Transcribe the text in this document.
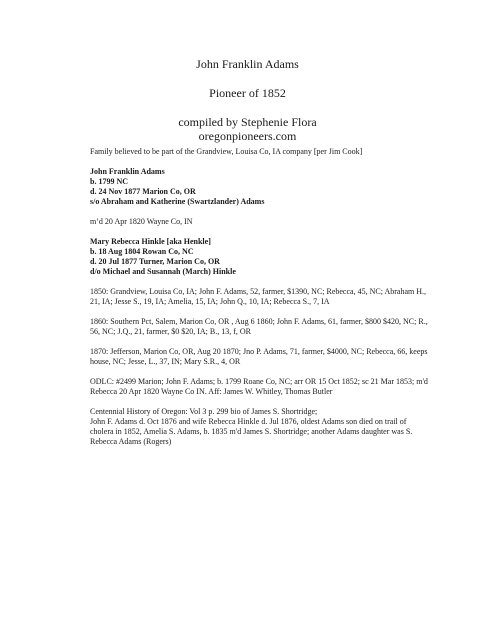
John Franklin Adams
Pioneer of 1852
compiled by Stephenie Flora
oregonpioneers.com

Family believed to be part of the Grandview, Louisa Co, IA company [per Jim Cook]

John Franklin Adams
b. 1799 NC
d. 24 Nov 1877 Marion Co, OR
s/o Abraham and Katherine (Swartzlander) Adams

m’d 20 Apr 1820 Wayne Co, IN

Mary Rebecca Hinkle [aka Henkle]
b. 18 Aug 1804 Rowan Co, NC
d. 20 Jul 1877 Turner, Marion Co, OR
d/o Michael and Susannah (March) Hinkle

1850: Grandview, Louisa Co, IA; John F. Adams, 52, farmer, $1390, NC; Rebecca, 45, NC; Abraham H.,
21, IA; Jesse S., 19, IA; Amelia, 15, IA; John Q., 10, IA; Rebecca S., 7, IA

1860: Southern Pct, Salem, Marion Co, OR , Aug 6 1860; John F. Adams, 61, farmer, $800 $420, NC; R.,
56, NC; J.Q., 21, farmer, $0 $20, IA; B., 13, f, OR

1870: Jefferson, Marion Co, OR, Aug 20 1870; Jno P. Adams, 71, farmer, $4000, NC; Rebecca, 66, keeps
house, NC; Jesse, L., 37, IN; Mary S.R., 4, OR

ODLC: #2499 Marion; John F. Adams; b. 1799 Roane Co, NC; arr OR 15 Oct 1852; sc 21 Mar 1853; m'd
Rebecca 20 Apr 1820 Wayne Co IN. Aff: James W. Whitley, Thomas Butler

Centennial History of Oregon: Vol 3 p. 299 bio of James S. Shortridge;
John F. Adams d. Oct 1876 and wife Rebecca Hinkle d. Jul 1876, oldest Adams son died on trail of
cholera in 1852, Amelia S. Adams, b. 1835 m'd James S. Shortridge; another Adams daughter was S.
Rebecca Adams (Rogers)
